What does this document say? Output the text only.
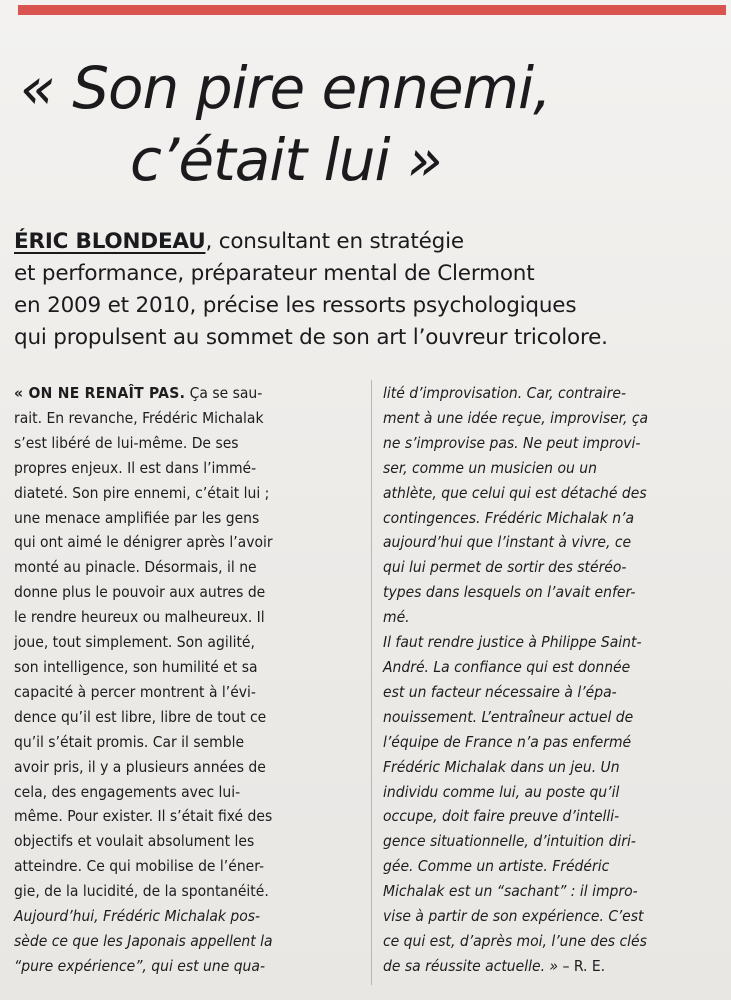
« Son pire ennemi,
c’était lui »
ÉRIC BLONDEAU, consultant en stratégie
et performance, préparateur mental de Clermont
en 2009 et 2010, précise les ressorts psychologiques
qui propulsent au sommet de son art l’ouvreur tricolore.
« ON NE RENAÎT PAS. Ça se sau-
rait. En revanche, Frédéric Michalak
s’est libéré de lui-même. De ses
propres enjeux. Il est dans l’immé-
diateté. Son pire ennemi, c’était lui ;
une menace amplifiée par les gens
qui ont aimé le dénigrer après l’avoir
monté au pinacle. Désormais, il ne
donne plus le pouvoir aux autres de
le rendre heureux ou malheureux. Il
joue, tout simplement. Son agilité,
son intelligence, son humilité et sa
capacité à percer montrent à l’évi-
dence qu’il est libre, libre de tout ce
qu’il s’était promis. Car il semble
avoir pris, il y a plusieurs années de
cela, des engagements avec lui-
même. Pour exister. Il s’était fixé des
objectifs et voulait absolument les
atteindre. Ce qui mobilise de l’éner-
gie, de la lucidité, de la spontanéité.
Aujourd’hui, Frédéric Michalak pos-
sède ce que les Japonais appellent la
“pure expérience”, qui est une qua-
lité d’improvisation. Car, contraire-
ment à une idée reçue, improviser, ça
ne s’improvise pas. Ne peut improvi-
ser, comme un musicien ou un
athlète, que celui qui est détaché des
contingences. Frédéric Michalak n’a
aujourd’hui que l’instant à vivre, ce
qui lui permet de sortir des stéréo-
types dans lesquels on l’avait enfer-
mé.
Il faut rendre justice à Philippe Saint-
André. La confiance qui est donnée
est un facteur nécessaire à l’épa-
nouissement. L’entraîneur actuel de
l’équipe de France n’a pas enfermé
Frédéric Michalak dans un jeu. Un
individu comme lui, au poste qu’il
occupe, doit faire preuve d’intelli-
gence situationnelle, d’intuition diri-
gée. Comme un artiste. Frédéric
Michalak est un “sachant” : il impro-
vise à partir de son expérience. C’est
ce qui est, d’après moi, l’une des clés
de sa réussite actuelle. » – R. E.
